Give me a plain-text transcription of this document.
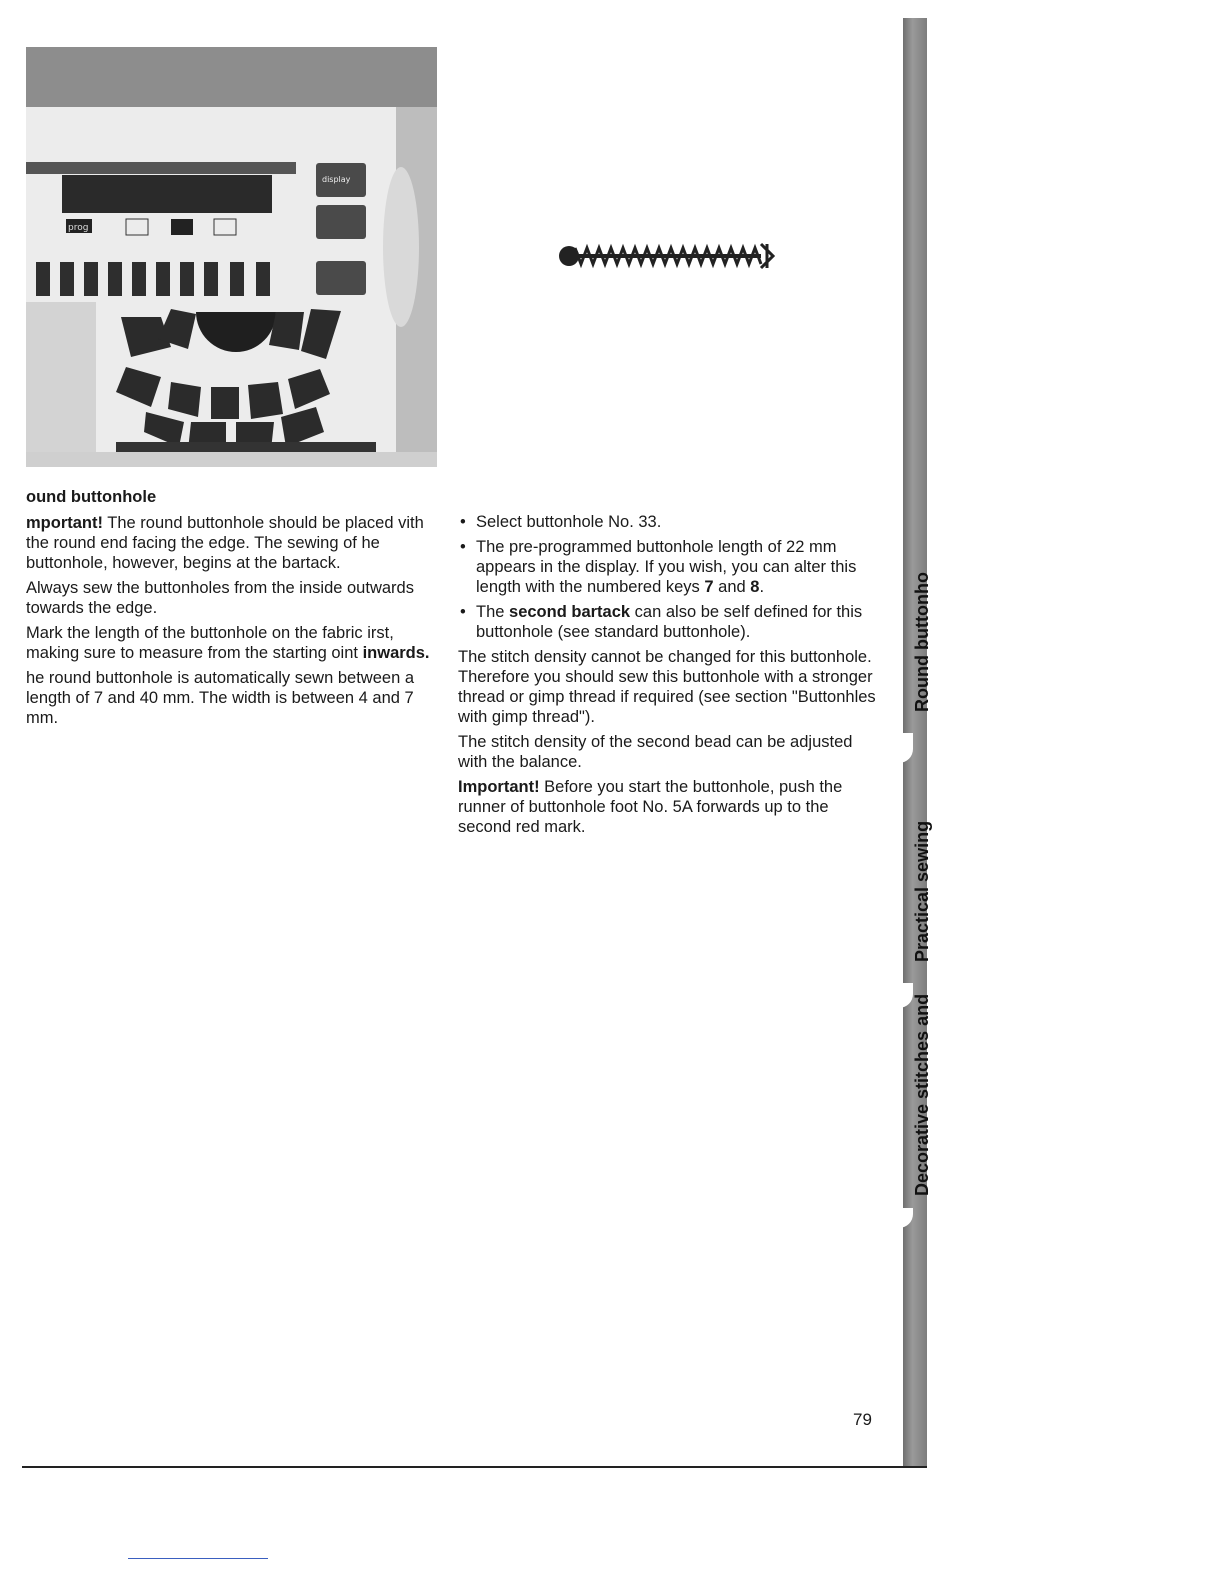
prog
display
ound buttonhole

mportant! The round buttonhole should be placed vith the round end facing the edge. The sewing of he buttonhole, however, begins at the bartack.

Always sew the buttonholes from the inside outwards towards the edge.

Mark the length of the buttonhole on the fabric irst, making sure to measure from the starting oint inwards.

he round buttonhole is automatically sewn between a length of 7 and 40 mm. The width is between 4 and 7 mm.

• Select buttonhole No. 33.
• The pre-programmed buttonhole length of 22 mm appears in the display. If you wish, you can alter this length with the numbered keys 7 and 8.
• The second bartack can also be self defined for this buttonhole (see standard buttonhole).

The stitch density cannot be changed for this buttonhole. Therefore you should sew this buttonhole with a stronger thread or gimp thread if required (see section "Buttonhles with gimp thread").

The stitch density of the second bead can be adjusted with the balance.

Important! Before you start the buttonhole, push the runner of buttonhole foot No. 5A forwards up to the second red mark.

Round buttonho
Practical sewing
Decorative stitches and
79
